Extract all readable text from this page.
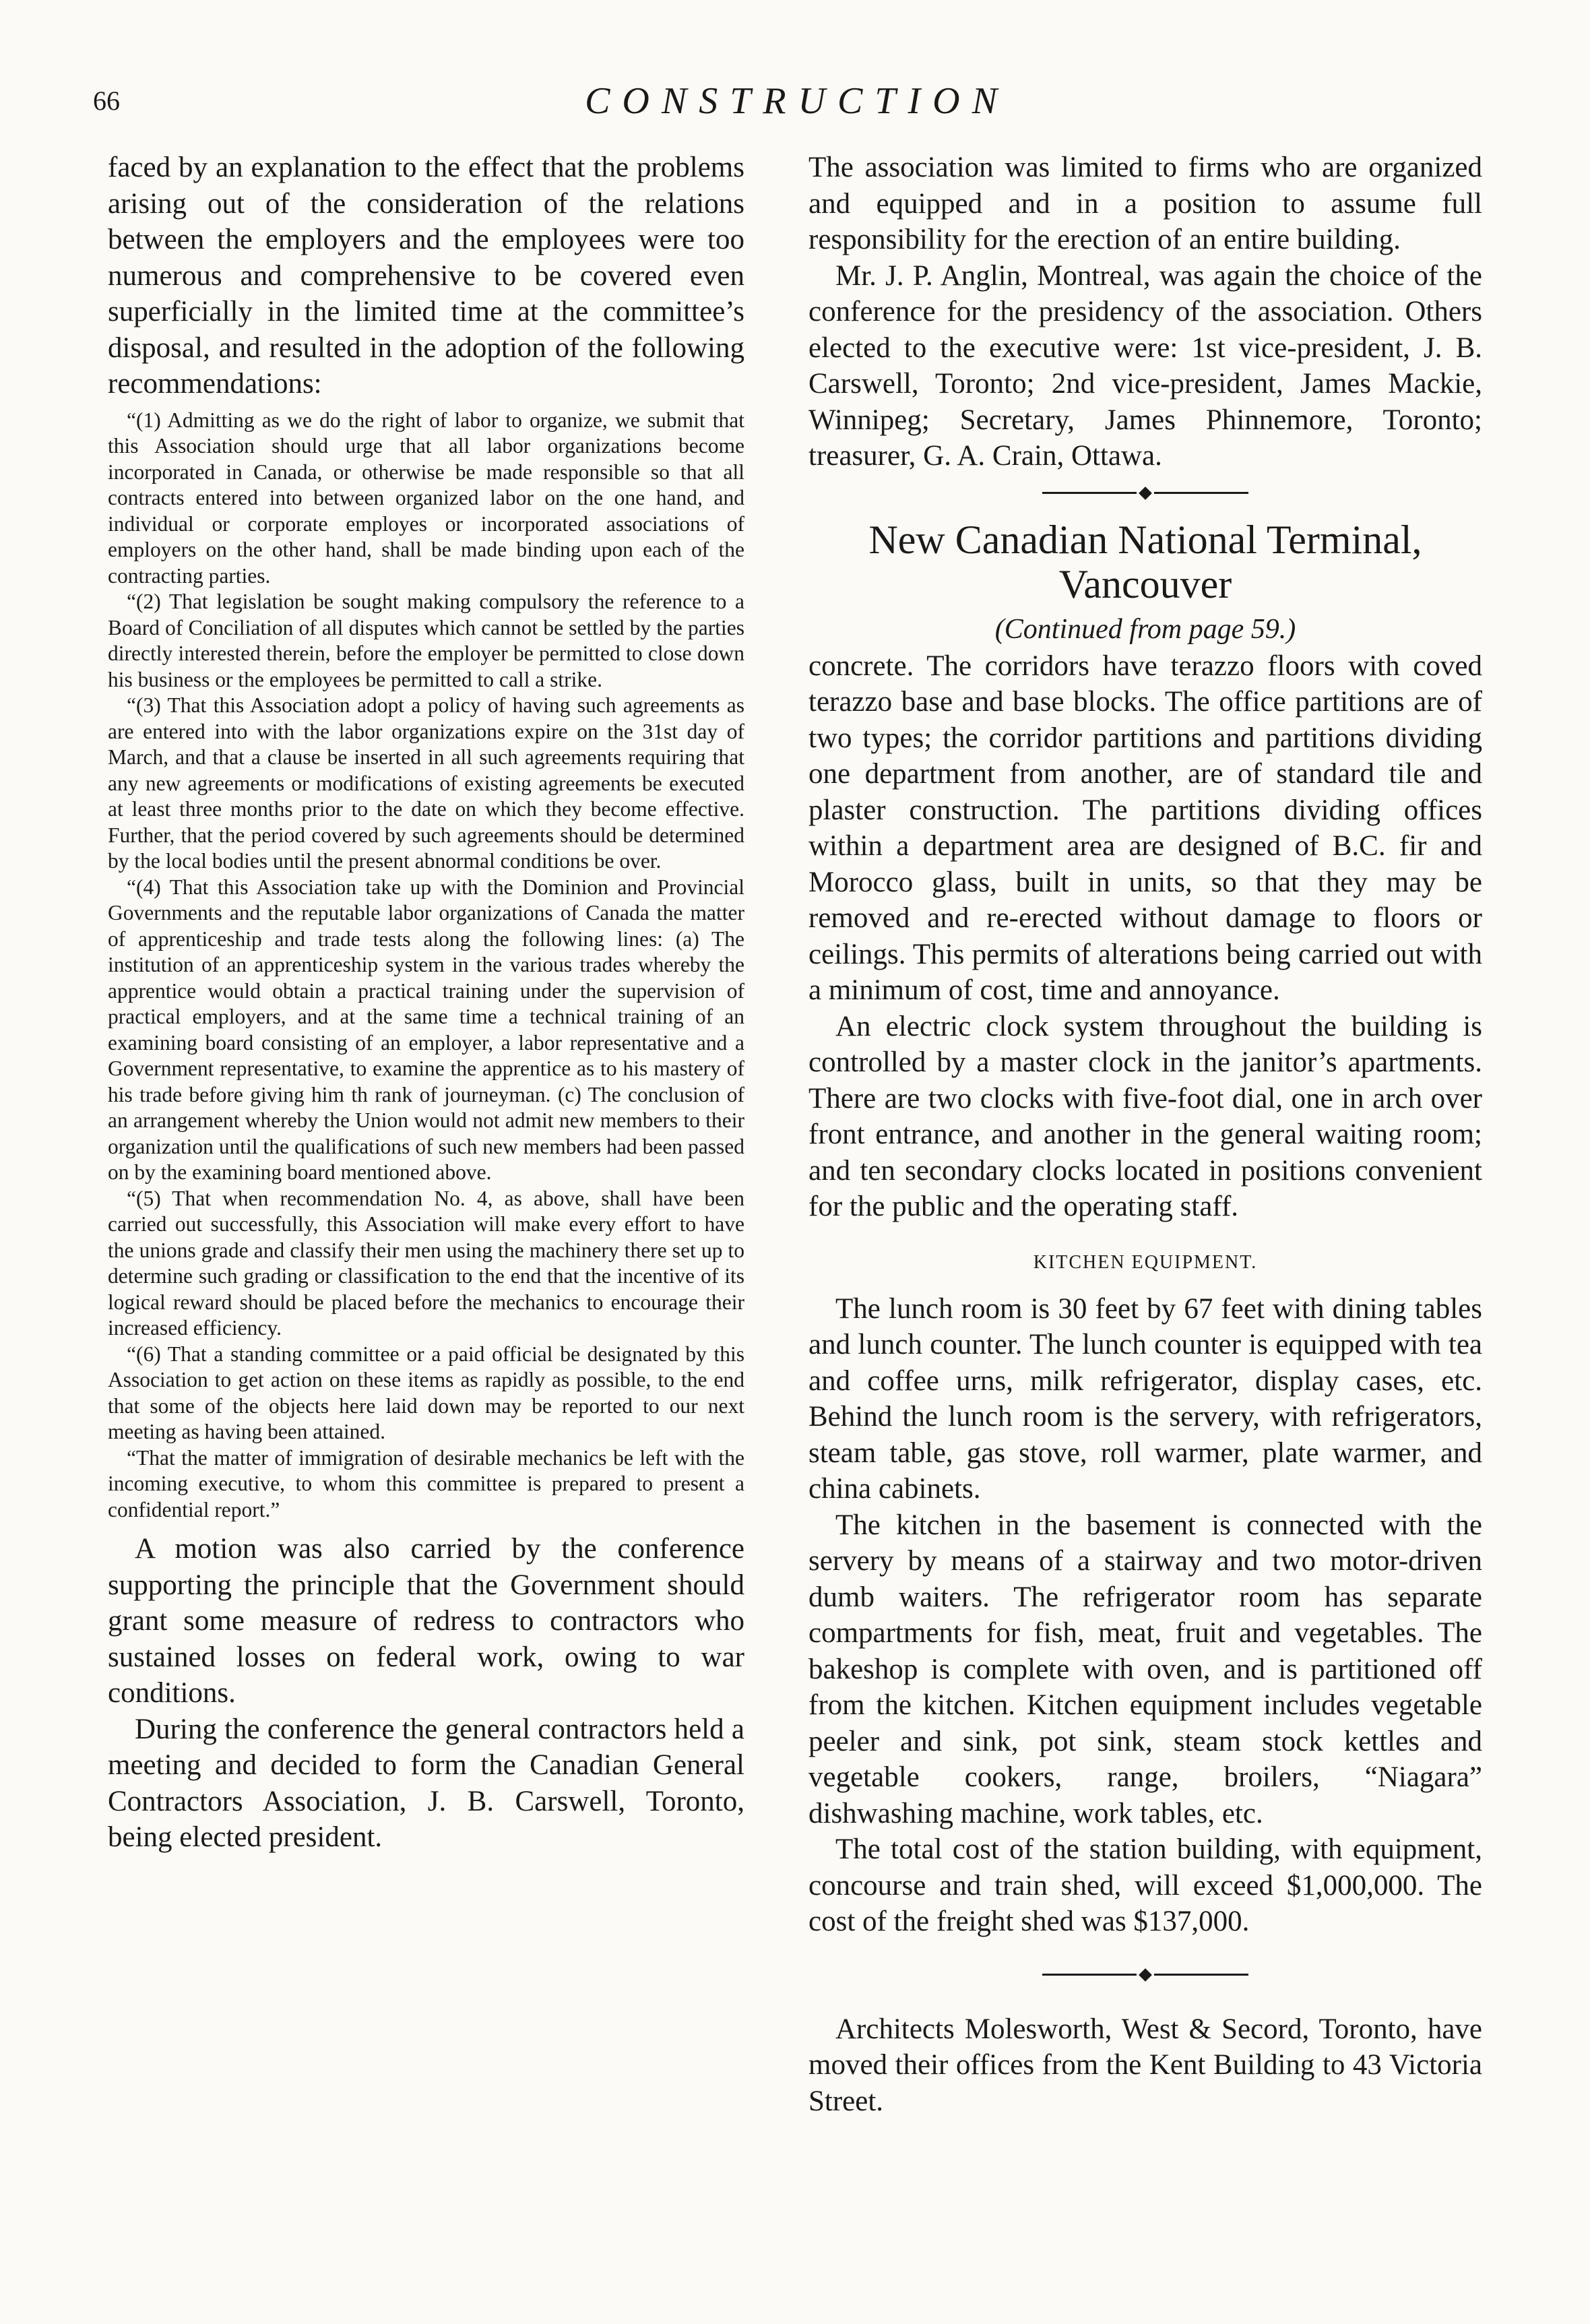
66	CONSTRUCTION

faced by an explanation to the effect that the problems arising out of the consideration of the relations between the employers and the employees were too numerous and comprehensive to be covered even superficially in the limited time at the committee’s disposal, and resulted in the adoption of the following recommendations:

“(1) Admitting as we do the right of labor to organize, we submit that this Association should urge that all labor organizations become incorporated in Canada, or otherwise be made responsible so that all contracts entered into between organized labor on the one hand, and individual or corporate employes or incorporated associations of employers on the other hand, shall be made binding upon each of the contracting parties.

“(2) That legislation be sought making compulsory the reference to a Board of Conciliation of all disputes which cannot be settled by the parties directly interested therein, before the employer be permitted to close down his business or the employees be permitted to call a strike.

“(3) That this Association adopt a policy of having such agreements as are entered into with the labor organizations expire on the 31st day of March, and that a clause be inserted in all such agreements requiring that any new agreements or modifications of existing agreements be executed at least three months prior to the date on which they become effective. Further, that the period covered by such agreements should be determined by the local bodies until the present abnormal conditions be over.

“(4) That this Association take up with the Dominion and Provincial Governments and the reputable labor organizations of Canada the matter of apprenticeship and trade tests along the following lines: (a) The institution of an apprenticeship system in the various trades whereby the apprentice would obtain a practical training under the supervision of practical employers, and at the same time a technical training of an examining board consisting of an employer, a labor representative and a Government representative, to examine the apprentice as to his mastery of his trade before giving him th rank of journeyman. (c) The conclusion of an arrangement whereby the Union would not admit new members to their organization until the qualifications of such new members had been passed on by the examining board mentioned above.

“(5) That when recommendation No. 4, as above, shall have been carried out successfully, this Association will make every effort to have the unions grade and classify their men using the machinery there set up to determine such grading or classification to the end that the incentive of its logical reward should be placed before the mechanics to encourage their increased efficiency.

“(6) That a standing committee or a paid official be designated by this Association to get action on these items as rapidly as possible, to the end that some of the objects here laid down may be reported to our next meeting as having been attained.

“That the matter of immigration of desirable mechanics be left with the incoming executive, to whom this committee is prepared to present a confidential report.”

A motion was also carried by the conference supporting the principle that the Government should grant some measure of redress to contractors who sustained losses on federal work, owing to war conditions.

During the conference the general contractors held a meeting and decided to form the Canadian General Contractors Association, J. B. Carswell, Toronto, being elected president.

The association was limited to firms who are organized and equipped and in a position to assume full responsibility for the erection of an entire building.

Mr. J. P. Anglin, Montreal, was again the choice of the conference for the presidency of the association. Others elected to the executive were: 1st vice-president, J. B. Carswell, Toronto; 2nd vice-president, James Mackie, Winnipeg; Secretary, James Phinnemore, Toronto; treasurer, G. A. Crain, Ottawa.

New Canadian National Terminal, Vancouver
(Continued from page 59.)

concrete. The corridors have terazzo floors with coved terazzo base and base blocks. The office partitions are of two types; the corridor partitions and partitions dividing one department from another, are of standard tile and plaster construction. The partitions dividing offices within a department area are designed of B.C. fir and Morocco glass, built in units, so that they may be removed and re-erected without damage to floors or ceilings. This permits of alterations being carried out with a minimum of cost, time and annoyance.

An electric clock system throughout the building is controlled by a master clock in the janitor’s apartments. There are two clocks with five-foot dial, one in arch over front entrance, and another in the general waiting room; and ten secondary clocks located in positions convenient for the public and the operating staff.

KITCHEN EQUIPMENT.

The lunch room is 30 feet by 67 feet with dining tables and lunch counter. The lunch counter is equipped with tea and coffee urns, milk refrigerator, display cases, etc. Behind the lunch room is the servery, with refrigerators, steam table, gas stove, roll warmer, plate warmer, and china cabinets.

The kitchen in the basement is connected with the servery by means of a stairway and two motor-driven dumb waiters. The refrigerator room has separate compartments for fish, meat, fruit and vegetables. The bakeshop is complete with oven, and is partitioned off from the kitchen. Kitchen equipment includes vegetable peeler and sink, pot sink, steam stock kettles and vegetable cookers, range, broilers, “Niagara” dishwashing machine, work tables, etc.

The total cost of the station building, with equipment, concourse and train shed, will exceed $1,000,000. The cost of the freight shed was $137,000.

Architects Molesworth, West & Secord, Toronto, have moved their offices from the Kent Building to 43 Victoria Street.
